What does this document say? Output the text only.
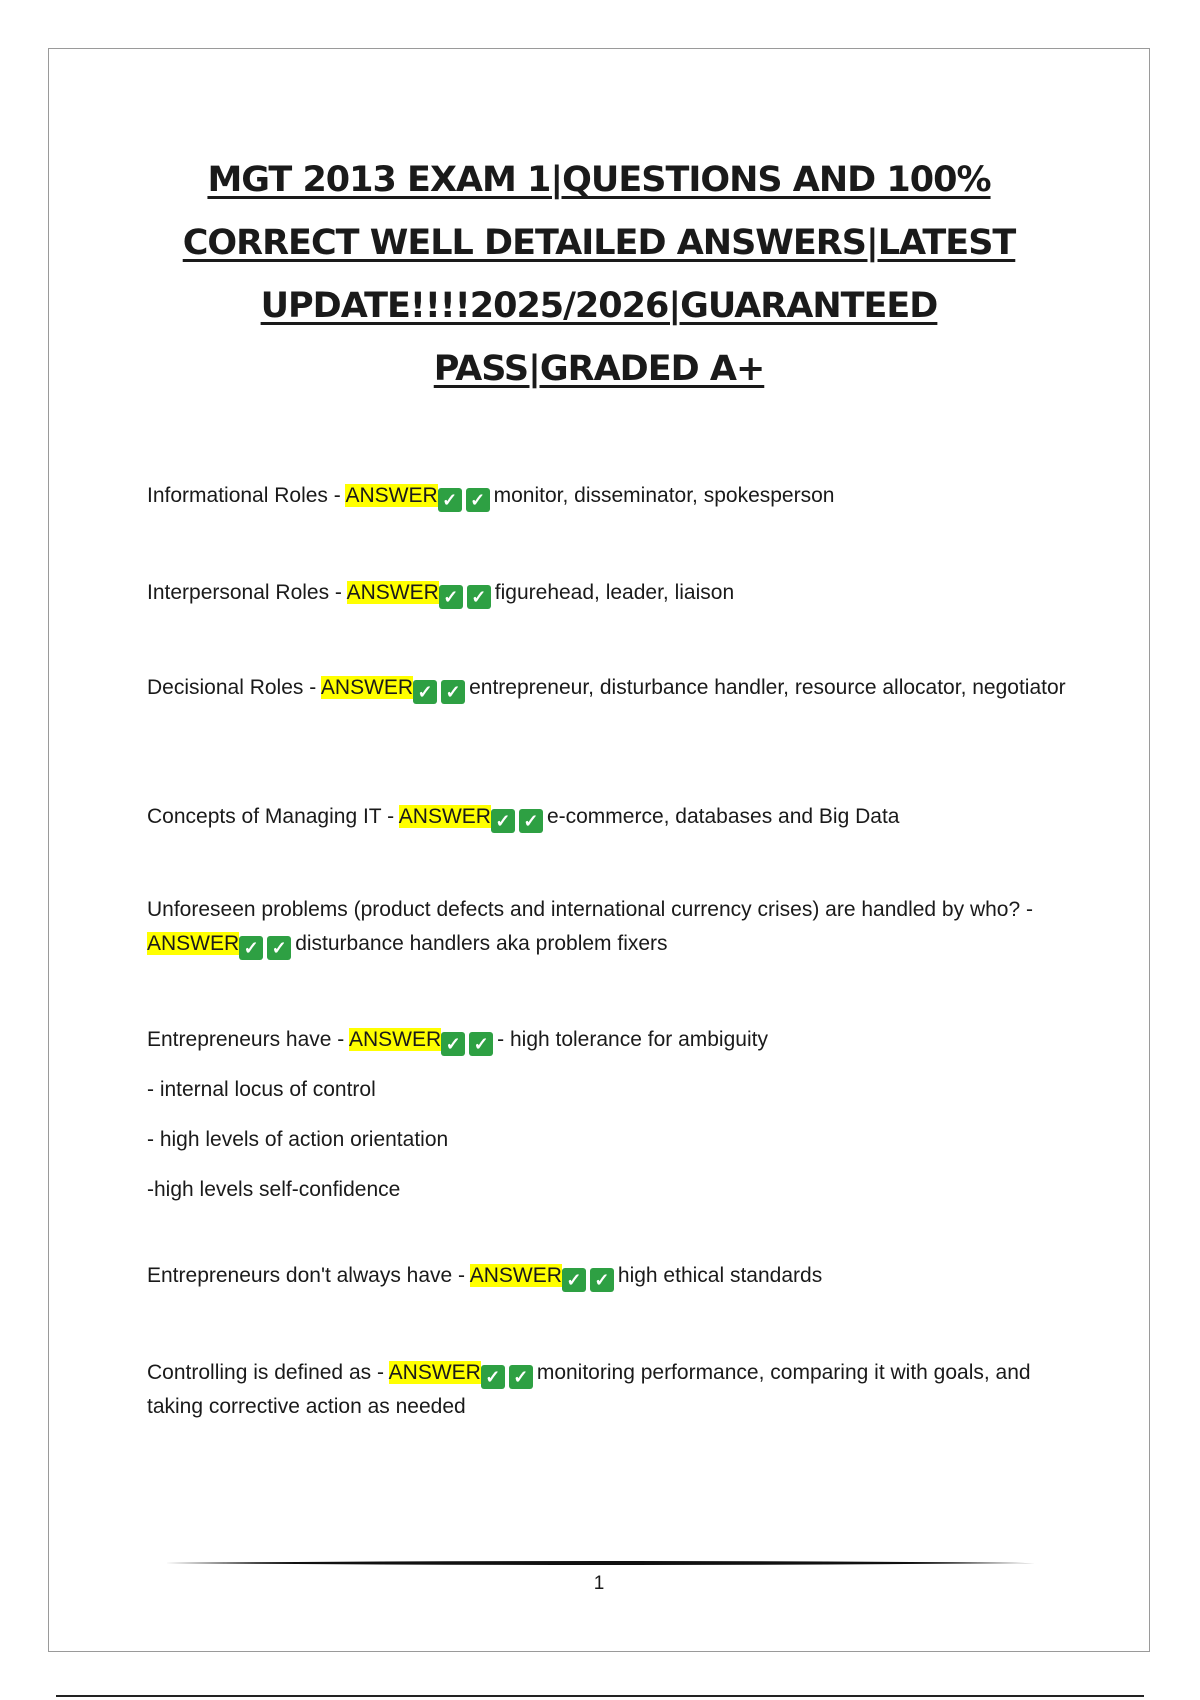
MGT 2013 EXAM 1|QUESTIONS AND 100%
CORRECT WELL DETAILED ANSWERS|LATEST
UPDATE!!!!2025/2026|GUARANTEED
PASS|GRADED A+
Informational Roles - ANSWER ✓ ✓ monitor, disseminator, spokesperson
Interpersonal Roles - ANSWER ✓ ✓ figurehead, leader, liaison
Decisional Roles - ANSWER ✓ ✓ entrepreneur, disturbance handler, resource allocator, negotiator
Concepts of Managing IT - ANSWER ✓ ✓ e-commerce, databases and Big Data
Unforeseen problems (product defects and international currency crises) are handled by who? - ANSWER ✓ ✓ disturbance handlers aka problem fixers
Entrepreneurs have - ANSWER ✓ ✓ - high tolerance for ambiguity
- internal locus of control
- high levels of action orientation
-high levels self-confidence
Entrepreneurs don't always have - ANSWER ✓ ✓ high ethical standards
Controlling is defined as - ANSWER ✓ ✓ monitoring performance, comparing it with goals, and taking corrective action as needed
1
